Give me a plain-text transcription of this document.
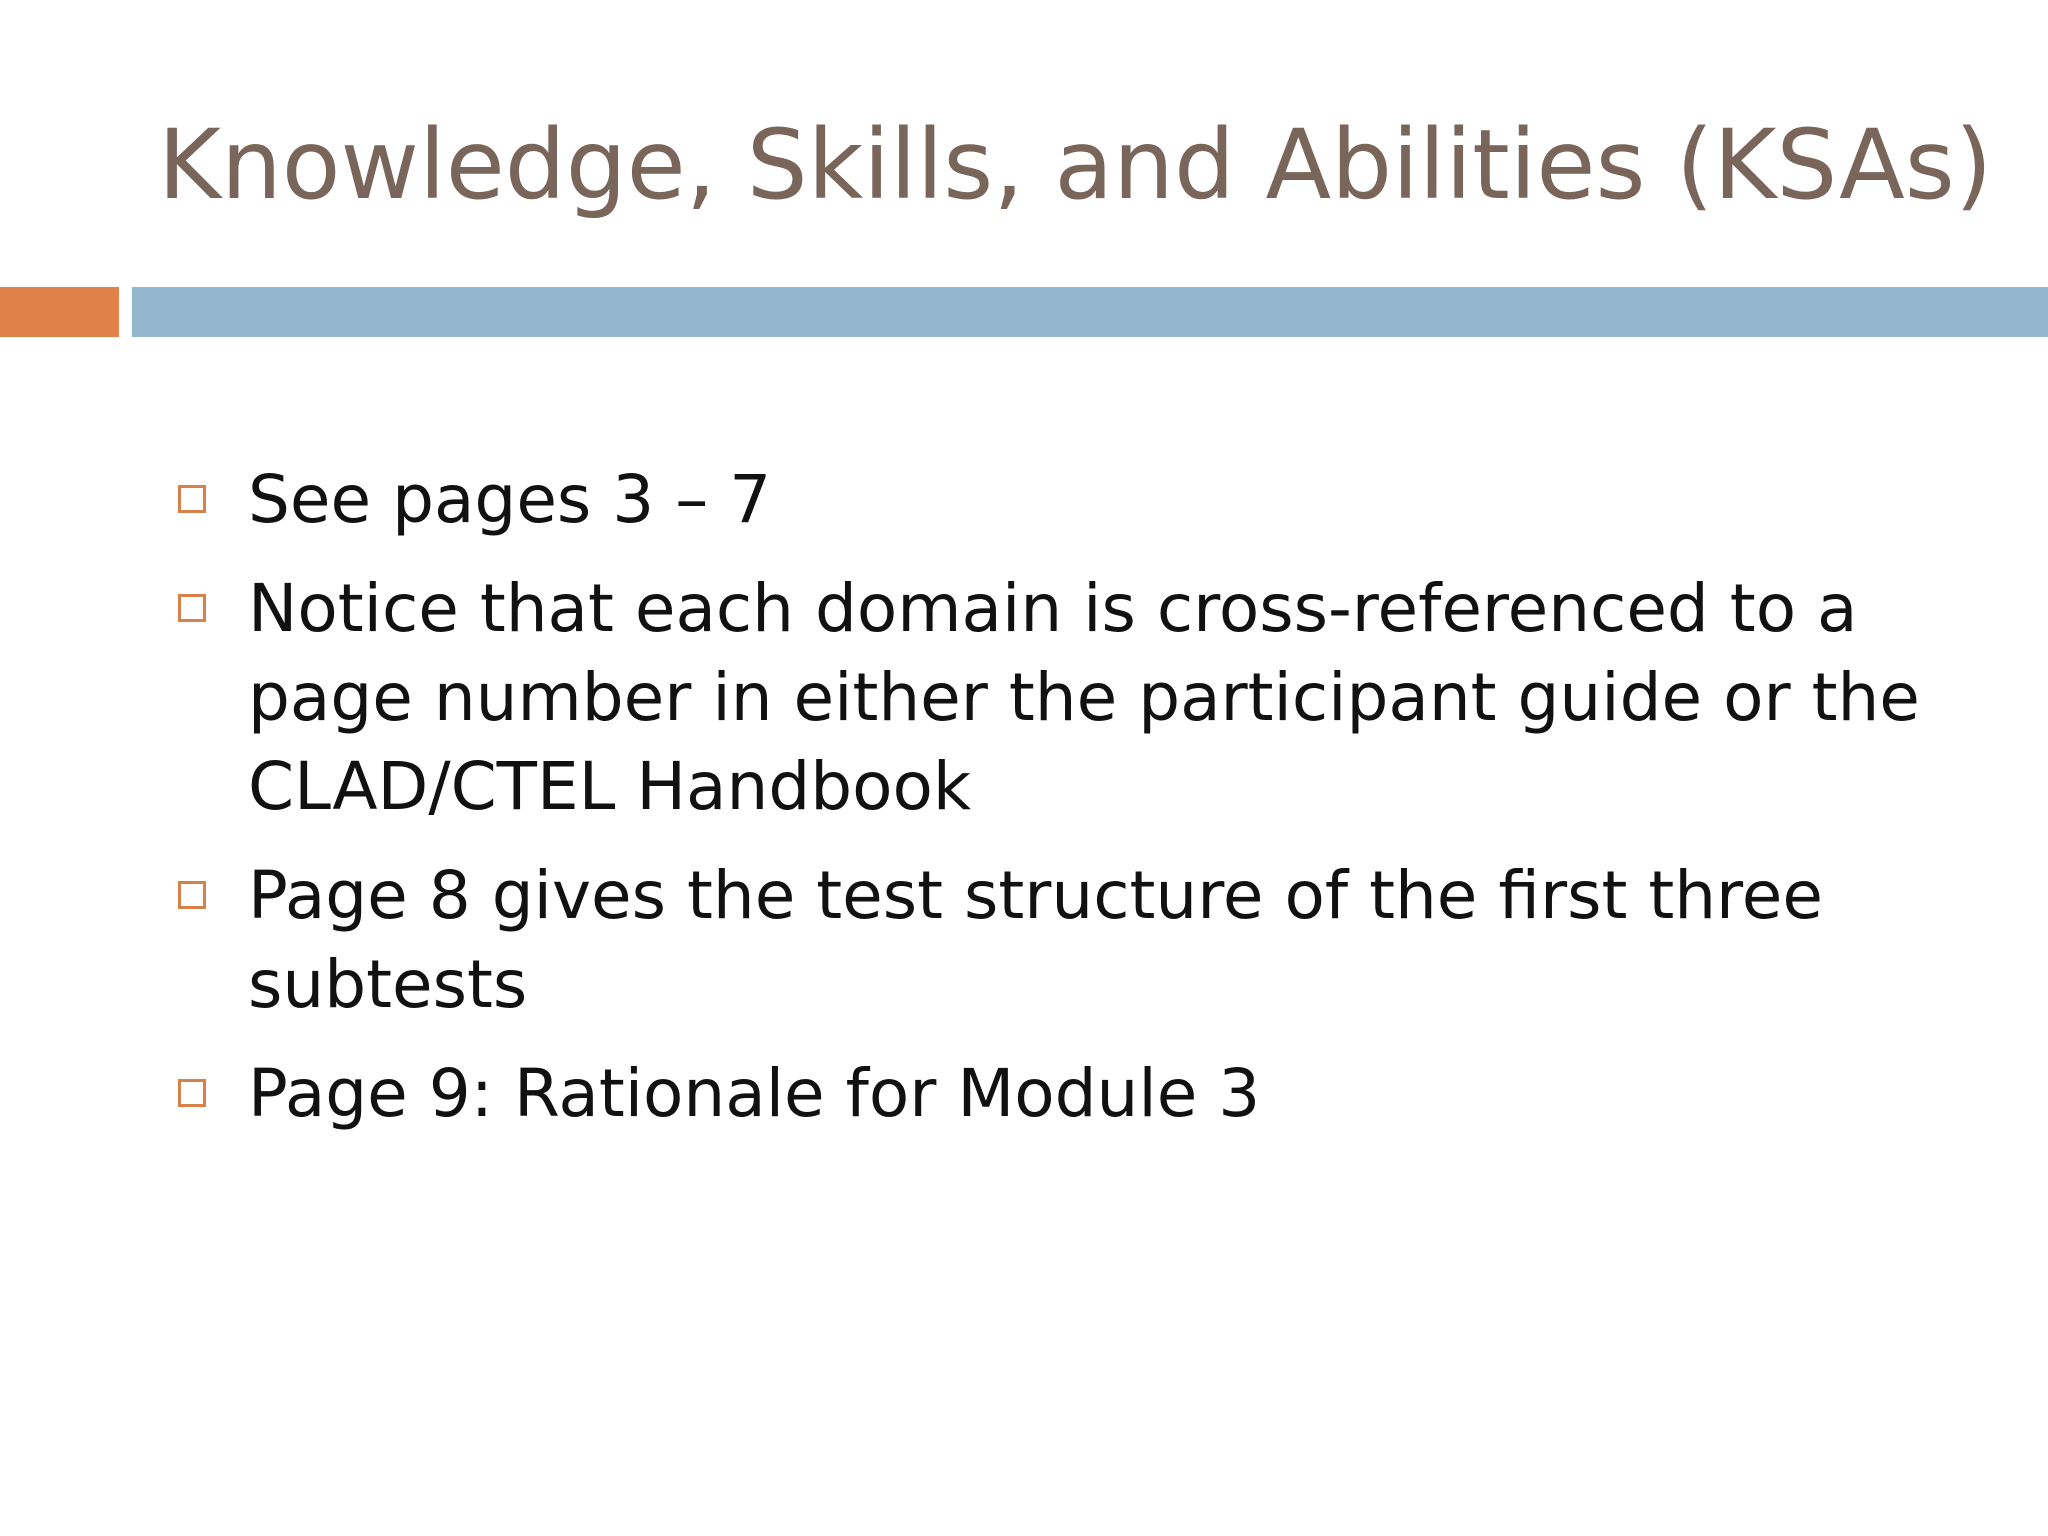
Knowledge, Skills, and Abilities (KSAs)
See pages 3 – 7
Notice that each domain is cross-referenced to a
page number in either the participant guide or the
CLAD/CTEL Handbook
Page 8 gives the test structure of the first three
subtests
Page 9: Rationale for Module 3
